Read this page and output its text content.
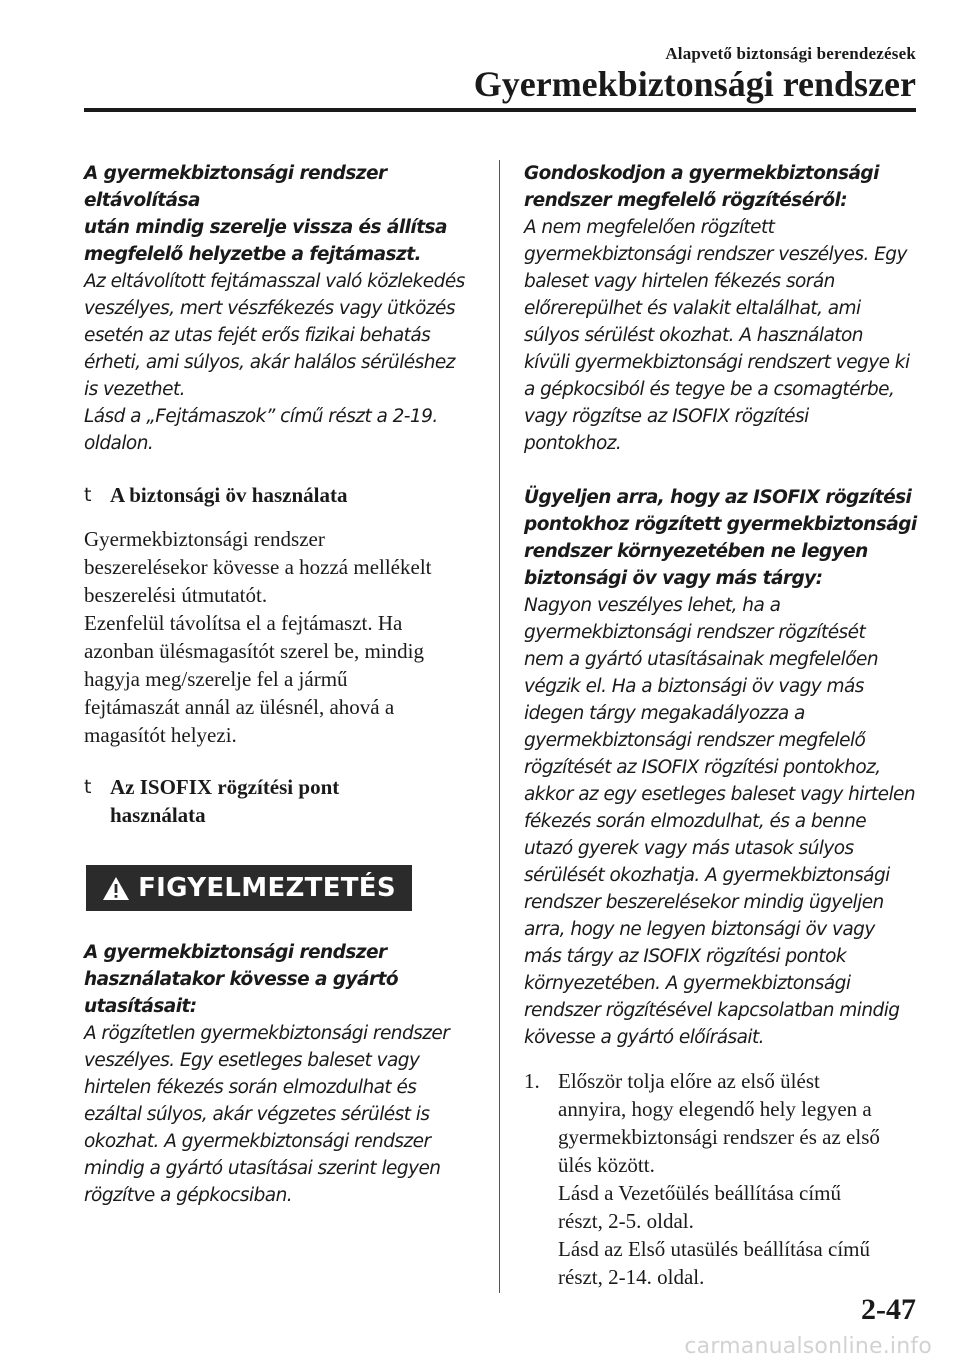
Alapvető biztonsági berendezések
Gyermekbiztonsági rendszer

A gyermekbiztonsági rendszer eltávolítása

után mindig szerelje vissza és állítsa

megfelelő helyzetbe a fejtámaszt.

Az eltávolított fejtámasszal való közlekedés

veszélyes, mert vészfékezés vagy ütközés

esetén az utas fejét erős fizikai behatás

érheti, ami súlyos, akár halálos sérüléshez

is vezethet.

Lásd a „Fejtámaszok” című részt a 2-19.

oldalon.

t A biztonsági öv használata

Gyermekbiztonsági rendszer

beszerelésekor kövesse a hozzá mellékelt

beszerelési útmutatót.

Ezenfelül távolítsa el a fejtámaszt. Ha

azonban ülésmagasítót szerel be, mindig

hagyja meg/szerelje fel a jármű

fejtámaszát annál az ülésnél, ahová a

magasítót helyezi.

t Az ISOFIX rögzítési pont
használata
FIGYELMEZTETÉS

A gyermekbiztonsági rendszer

használatakor kövesse a gyártó utasításait:

A rögzítetlen gyermekbiztonsági rendszer

veszélyes. Egy esetleges baleset vagy

hirtelen fékezés során elmozdulhat és

ezáltal súlyos, akár végzetes sérülést is

okozhat. A gyermekbiztonsági rendszer

mindig a gyártó utasításai szerint legyen

rögzítve a gépkocsiban.

Gondoskodjon a gyermekbiztonsági

rendszer megfelelő rögzítéséről:

A nem megfelelően rögzített

gyermekbiztonsági rendszer veszélyes. Egy

baleset vagy hirtelen fékezés során

előrerepülhet és valakit eltalálhat, ami

súlyos sérülést okozhat. A használaton

kívüli gyermekbiztonsági rendszert vegye ki

a gépkocsiból és tegye be a csomagtérbe,

vagy rögzítse az ISOFIX rögzítési

pontokhoz.

Ügyeljen arra, hogy az ISOFIX rögzítési

pontokhoz rögzített gyermekbiztonsági

rendszer környezetében ne legyen

biztonsági öv vagy más tárgy:

Nagyon veszélyes lehet, ha a

gyermekbiztonsági rendszer rögzítését

nem a gyártó utasításainak megfelelően

végzik el. Ha a biztonsági öv vagy más

idegen tárgy megakadályozza a

gyermekbiztonsági rendszer megfelelő

rögzítését az ISOFIX rögzítési pontokhoz,

akkor az egy esetleges baleset vagy hirtelen

fékezés során elmozdulhat, és a benne

utazó gyerek vagy más utasok súlyos

sérülését okozhatja. A gyermekbiztonsági

rendszer beszerelésekor mindig ügyeljen

arra, hogy ne legyen biztonsági öv vagy

más tárgy az ISOFIX rögzítési pontok

környezetében. A gyermekbiztonsági

rendszer rögzítésével kapcsolatban mindig

kövesse a gyártó előírásait.

1. Először tolja előre az első ülést

annyira, hogy elegendő hely legyen a

gyermekbiztonsági rendszer és az első

ülés között.

Lásd a Vezetőülés beállítása című

részt, 2-5. oldal.

Lásd az Első utasülés beállítása című

részt, 2-14. oldal.

2-47
carmanualsonline.info
